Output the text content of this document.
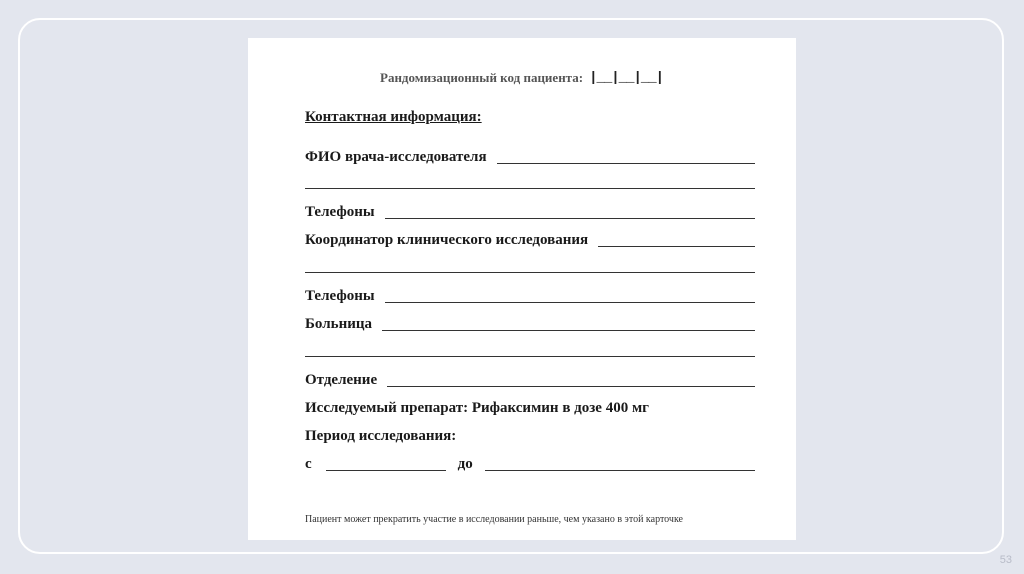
Рандомизационный код пациента: |__|__|__|
Контактная информация:
ФИО врача-исследователя
Телефоны
Координатор клинического исследования
Телефоны
Больница
Отделение
Исследуемый препарат: Рифаксимин в дозе 400 мг
Период исследования:
с	до
Пациент может прекратить участие в исследовании раньше, чем указано в этой карточке
53
